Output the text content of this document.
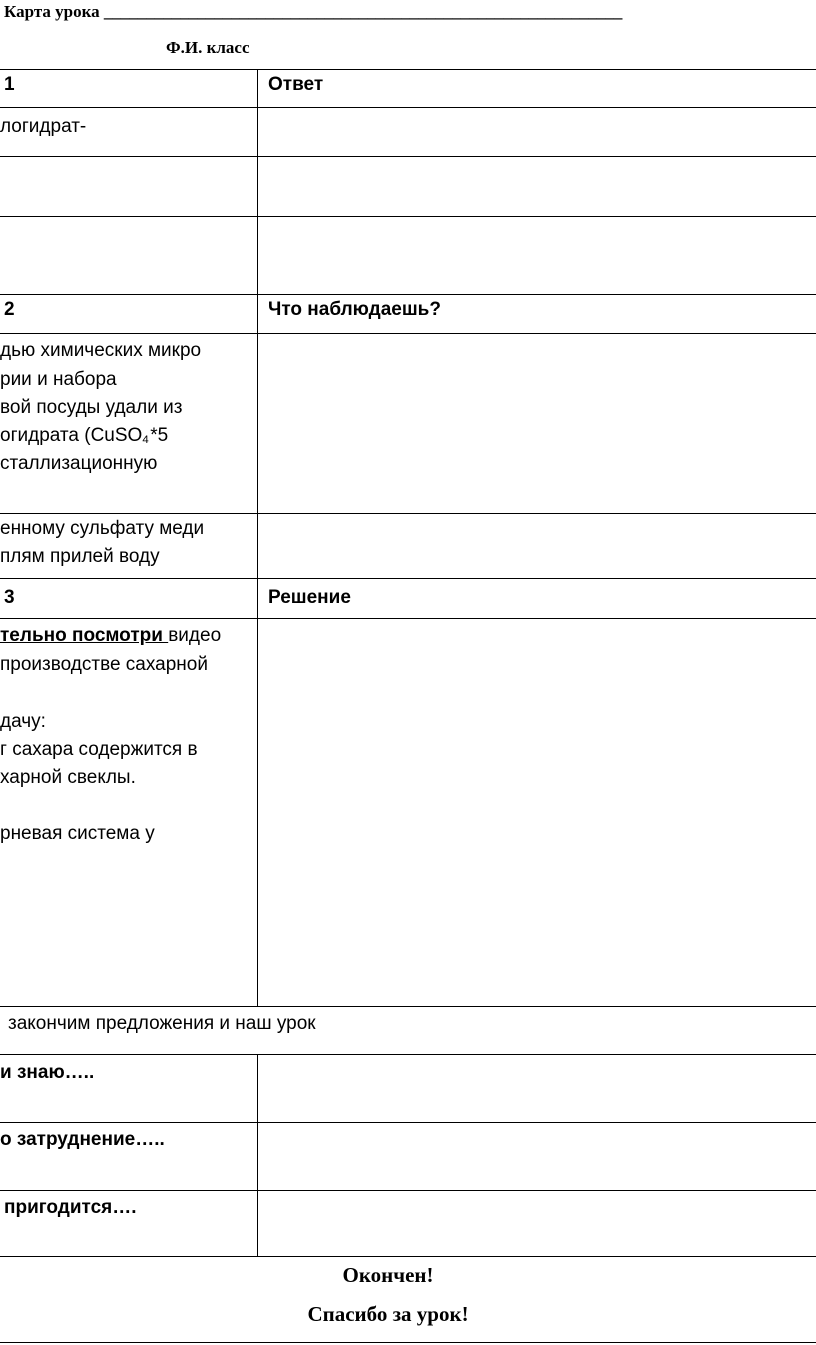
Карта урока _____________________________________________________________
Ф.И. класс
1	Ответ
логидрат-
2	Что наблюдаешь?
дью химических микро
рии и набора
вой посуды удали из
огидрата (CuSO$_4$ *5
сталлизационную
енному сульфату меди
плям прилей воду
3	Решение
тельно посмотри видео
производстве сахарной
дачу:
г сахара содержится в
харной свеклы.
рневая система у
закончим предложения и наш урок
и знаю…..
о затруднение…..
пригодится….
Окончен!
Спасибо за урок!
